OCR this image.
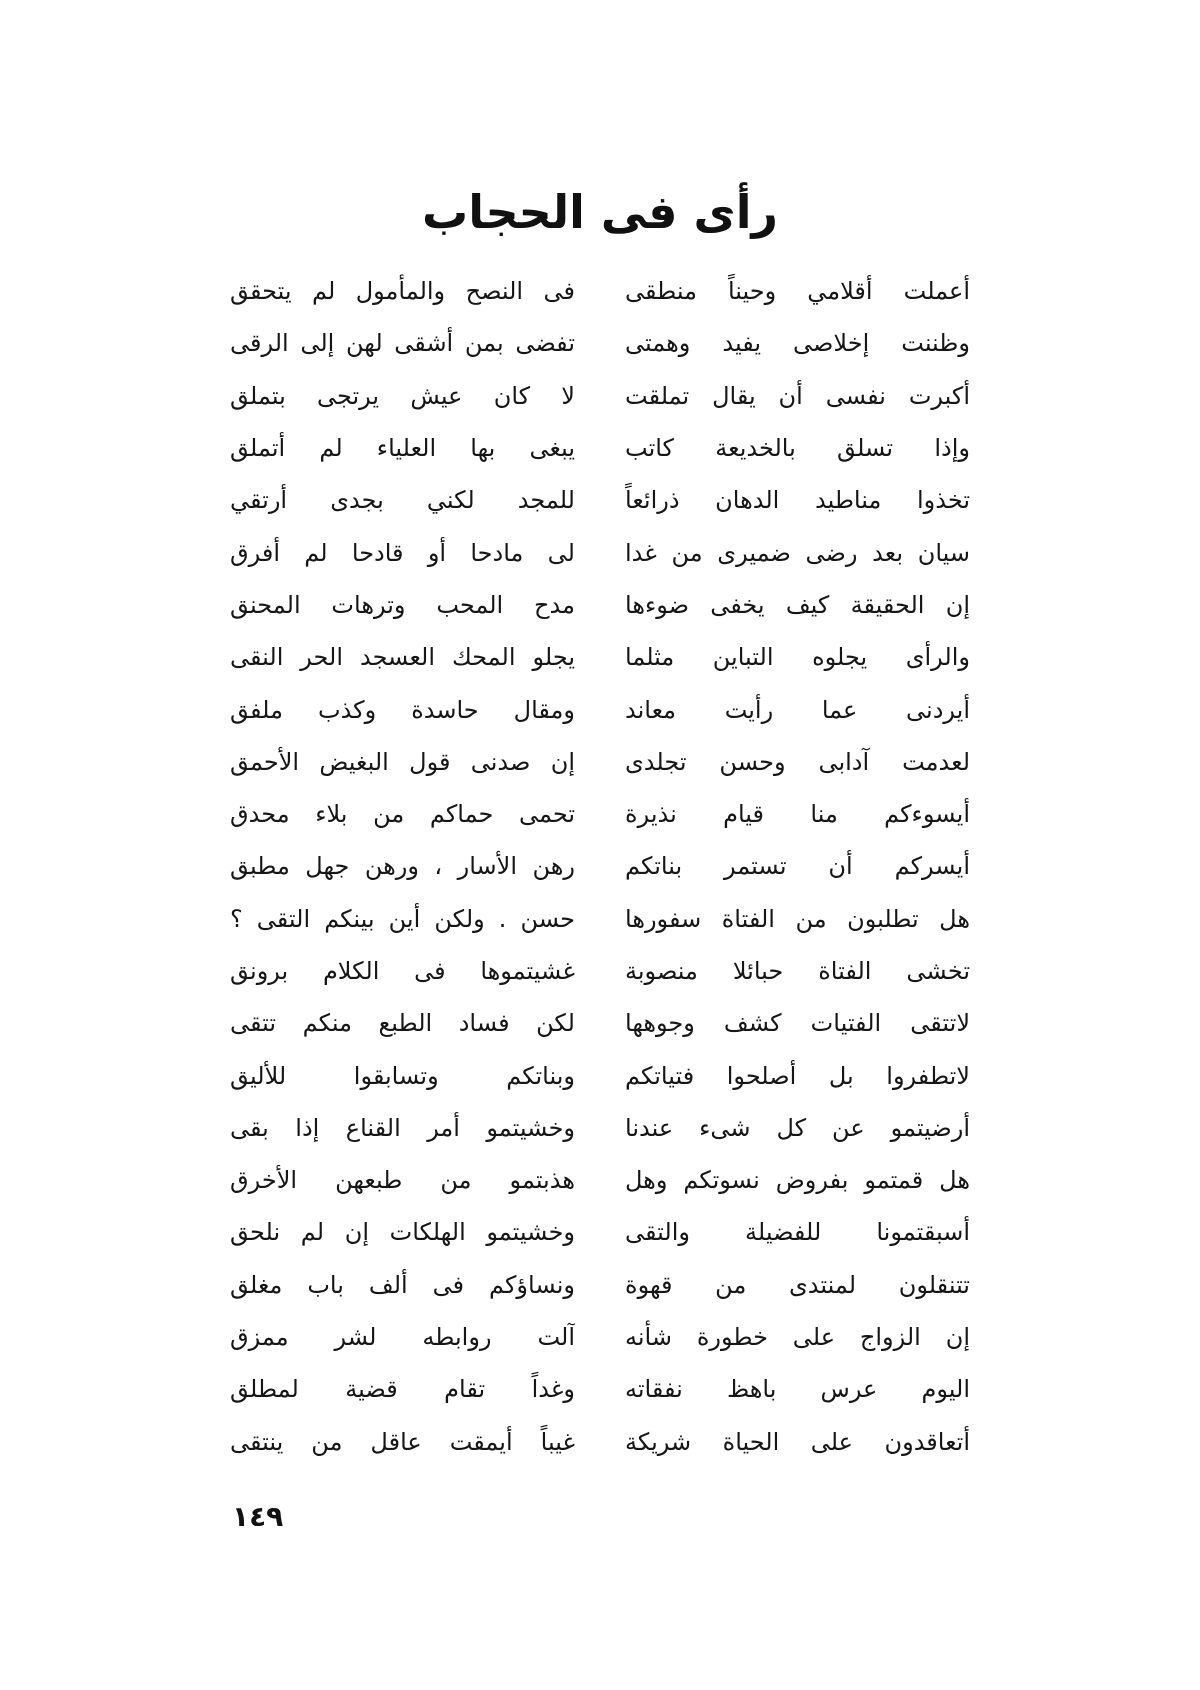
رأى فى الحجاب
أعملت أقلامي وحيناً منطقى
فى النصح والمأمول لم يتحقق
وظننت إخلاصى يفيد وهمتى
تفضى بمن أشقى لهن إلى الرقى
أكبرت نفسى أن يقال تملقت
لا كان عيش يرتجى بتملق
وإذا تسلق بالخديعة كاتب
يبغى بها العلياء لم أتملق
تخذوا مناطيد الدهان ذرائعاً
للمجد لكني بجدى أرتقي
سيان بعد رضى ضميرى من غدا
لى مادحا أو قادحا لم أفرق
إن الحقيقة كيف يخفى ضوءها
مدح المحب وترهات المحنق
والرأى يجلوه التباين مثلما
يجلو المحك العسجد الحر النقى
أيردنى عما رأيت معاند
ومقال حاسدة وكذب ملفق
لعدمت آدابى وحسن تجلدى
إن صدنى قول البغيض الأحمق
أيسوءكم منا قيام نذيرة
تحمى حماكم من بلاء محدق
أيسركم أن تستمر بناتكم
رهن الأسار ، ورهن جهل مطبق
هل تطلبون من الفتاة سفورها
حسن . ولكن أين بينكم التقى ؟
تخشى الفتاة حبائلا منصوبة
غشيتموها فى الكلام برونق
لاتتقى الفتيات كشف وجوهها
لكن فساد الطبع منكم تتقى
لاتطفروا بل أصلحوا فتياتكم
وبناتكم وتسابقوا للأليق
أرضيتمو عن كل شىء عندنا
وخشيتمو أمر القناع إذا بقى
هل قمتمو بفروض نسوتكم وهل
هذبتمو من طبعهن الأخرق
أسبقتمونا للفضيلة والتقى
وخشيتمو الهلكات إن لم نلحق
تتنقلون لمنتدى من قهوة
ونساؤكم فى ألف باب مغلق
إن الزواج على خطورة شأنه
آلت روابطه لشر ممزق
اليوم عرس باهظ نفقاته
وغداً تقام قضية لمطلق
أتعاقدون على الحياة شريكة
غيباً أيمقت عاقل من ينتقى
١٤٩
